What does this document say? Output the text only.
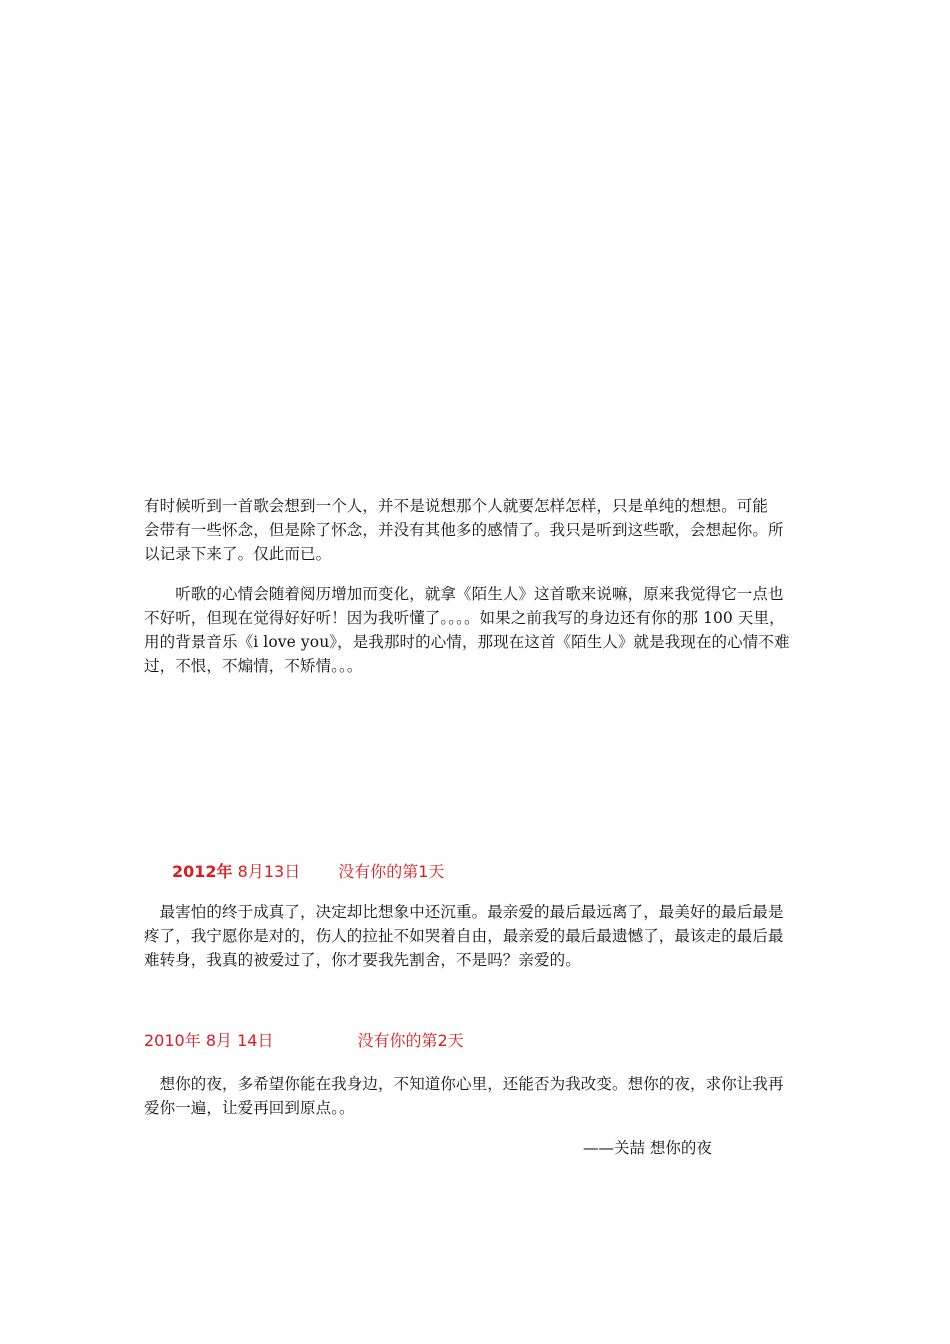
有时候听到一首歌会想到一个人，并不是说想那个人就要怎样怎样，只是单纯的想想。可能
会带有一些怀念，但是除了怀念，并没有其他多的感情了。我只是听到这些歌，会想起你。所
以记录下来了。仅此而已。

　　听歌的心情会随着阅历增加而变化，就拿《陌生人》这首歌来说嘛，原来我觉得它一点也
不好听，但现在觉得好好听！因为我听懂了。。。。如果之前我写的身边还有你的那 100 天里，
用的背景音乐《i love you》，是我那时的心情，那现在这首《陌生人》就是我现在的心情不难
过，不恨，不煽情，不矫情。。。

2012年 8月13日 没有你的第1天

　最害怕的终于成真了，决定却比想象中还沉重。最亲爱的最后最远离了，最美好的最后最是
疼了，我宁愿你是对的，伤人的拉扯不如哭着自由，最亲爱的最后最遗憾了，最该走的最后最
难转身，我真的被爱过了，你才要我先割舍，不是吗？亲爱的。

2010年 8月 14日	没有你的第2天

　想你的夜，多希望你能在我身边，不知道你心里，还能否为我改变。想你的夜，求你让我再
爱你一遍，让爱再回到原点。。

——关喆 想你的夜
